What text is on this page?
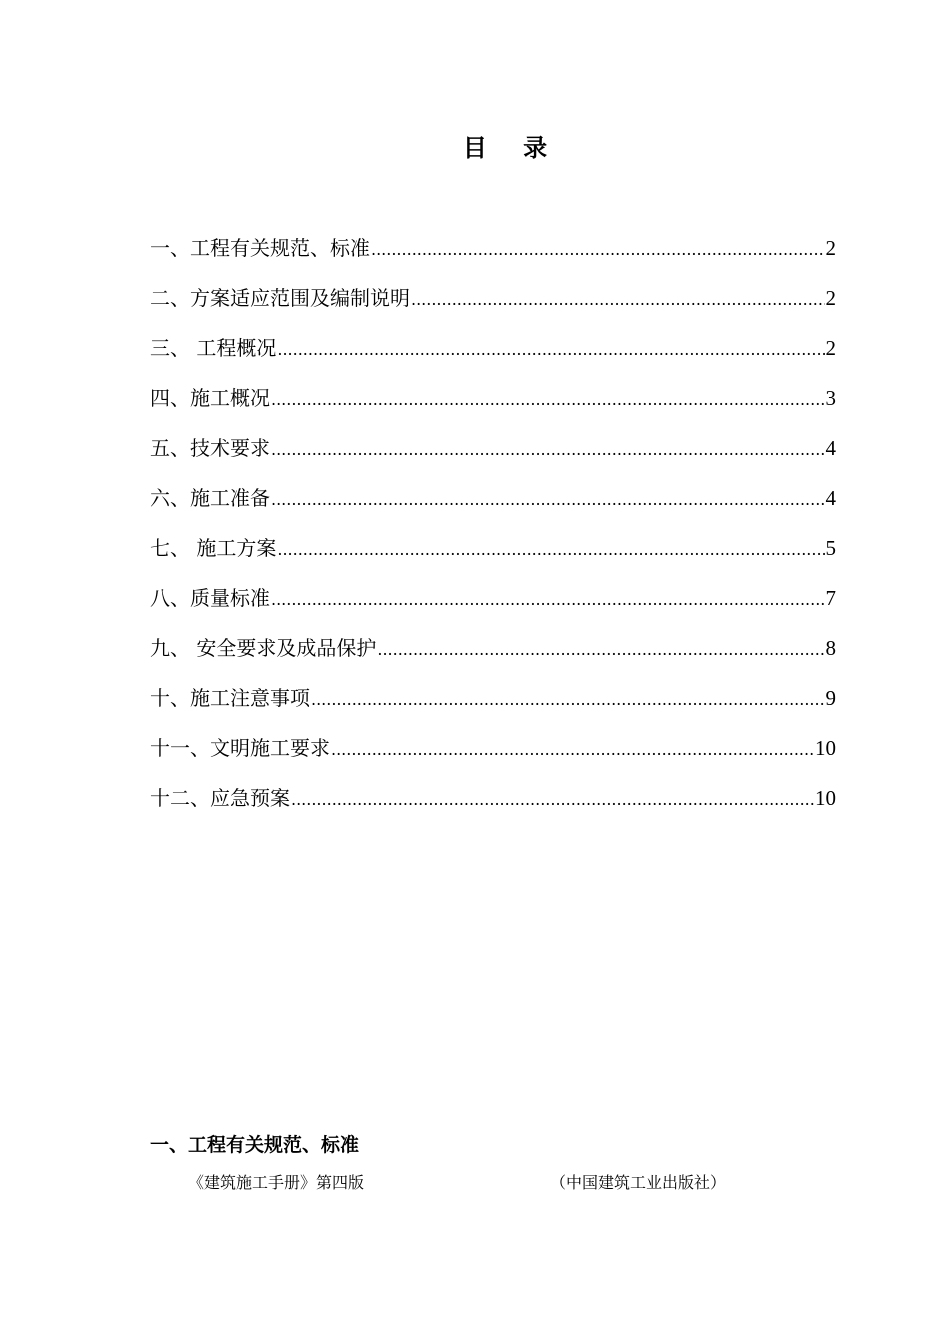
目 录
一、工程有关规范、标准 .....	2
二、方案适应范围及编制说明 .....	2
三、 工程概况 .....	2
四、施工概况 .....	3
五、技术要求 .....	4
六、施工准备 .....	4
七、 施工方案 .....	5
八、质量标准 .....	7
九、 安全要求及成品保护 .....	8
十、施工注意事项 .....	9
十一、文明施工要求 .....	10
十二、应急预案 .....	10
一、工程有关规范、标准
《建筑施工手册》第四版	（中国建筑工业出版社）
